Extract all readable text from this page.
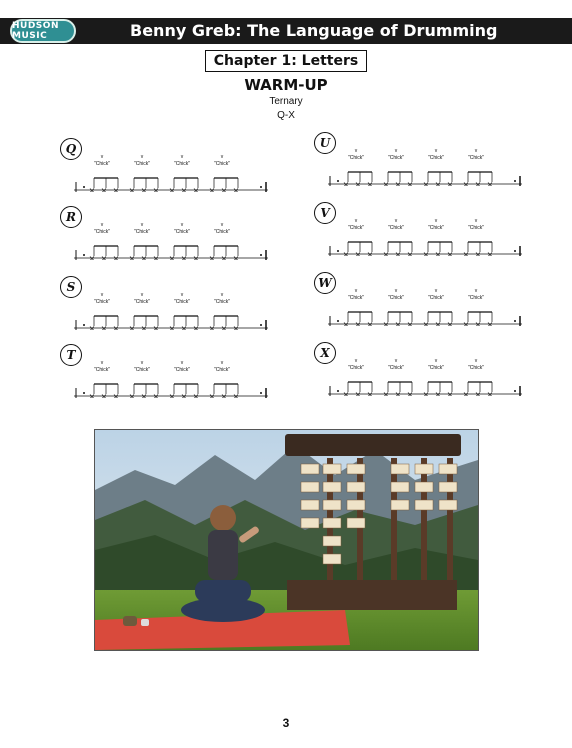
HUDSON MUSIC	Benny Greb: The Language of Drumming
Chapter 1: Letters
WARM-UP
Ternary
Q-X
Q
v
"Chick"
× × ×
v
"Chick"
× × ×
v
"Chick"
× × ×
v
"Chick"
× × ×
R
v
"Chick"
× × ×
v
"Chick"
× × ×
v
"Chick"
× × ×
v
"Chick"
× × ×
S
v
"Chick"
× × ×
v
"Chick"
× × ×
v
"Chick"
× × ×
v
"Chick"
× × ×
T
v
"Chick"
× × ×
v
"Chick"
× × ×
v
"Chick"
× × ×
v
"Chick"
× × ×
U
v
"Chick"
× × ×
v
"Chick"
× × ×
v
"Chick"
× × ×
v
"Chick"
× × ×
V
v
"Chick"
× × ×
v
"Chick"
× × ×
v
"Chick"
× × ×
v
"Chick"
× × ×
W
v
"Chick"
× × ×
v
"Chick"
× × ×
v
"Chick"
× × ×
v
"Chick"
× × ×
X
v
"Chick"
× × ×
v
"Chick"
× × ×
v
"Chick"
× × ×
v
"Chick"
× × ×
3
